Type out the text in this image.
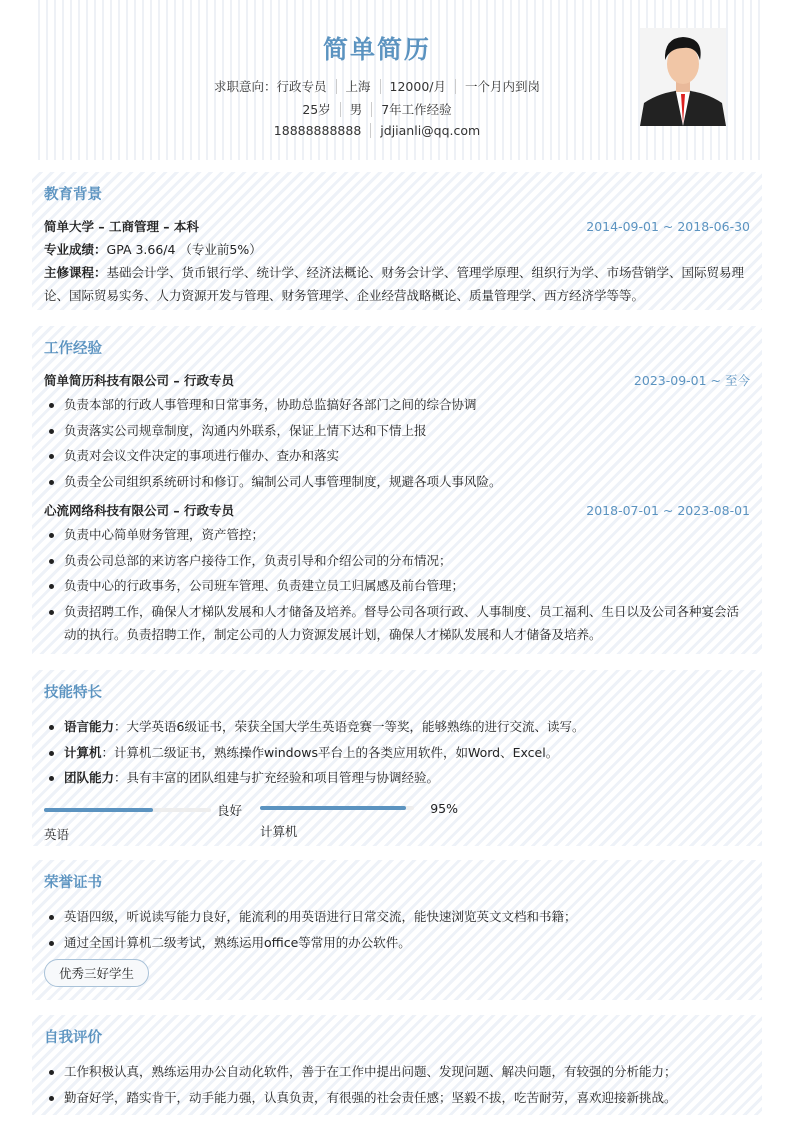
简单简历
求职意向：行政专员 上海 12000/月 一个月内到岗
25岁 男 7年工作经验
18888888888 jdjianli@qq.com
教育背景
简单大学 – 工商管理 – 本科	2014-09-01 ~ 2018-06-30

专业成绩：GPA 3.66/4 （专业前5%）

主修课程：基础会计学、货币银行学、统计学、经济法概论、财务会计学、管理学原理、组织行为学、市场营销学、国际贸易理论、国际贸易实务、人力资源开发与管理、财务管理学、企业经营战略概论、质量管理学、西方经济学等等。

工作经验
简单简历科技有限公司 – 行政专员	2023-09-01 ~ 至今
负责本部的行政人事管理和日常事务，协助总监搞好各部门之间的综合协调
负责落实公司规章制度，沟通内外联系，保证上情下达和下情上报
负责对会议文件决定的事项进行催办、查办和落实
负责全公司组织系统研讨和修订。编制公司人事管理制度，规避各项人事风险。
心流网络科技有限公司 – 行政专员	2018-07-01 ~ 2023-08-01
负责中心简单财务管理，资产管控；
负责公司总部的来访客户接待工作，负责引导和介绍公司的分布情况；
负责中心的行政事务，公司班车管理、负责建立员工归属感及前台管理；
负责招聘工作，确保人才梯队发展和人才储备及培养。督导公司各项行政、人事制度、员工福利、生日以及公司各种宴会活动的执行。负责招聘工作，制定公司的人力资源发展计划，确保人才梯队发展和人才储备及培养。
技能特长
语言能力：大学英语6级证书，荣获全国大学生英语竞赛一等奖，能够熟练的进行交流、读写。
计算机：计算机二级证书，熟练操作windows平台上的各类应用软件，如Word、Excel。
团队能力：具有丰富的团队组建与扩充经验和项目管理与协调经验。
良好
英语
95%
计算机
荣誉证书
英语四级，听说读写能力良好，能流利的用英语进行日常交流，能快速浏览英文文档和书籍；
通过全国计算机二级考试，熟练运用office等常用的办公软件。
优秀三好学生
自我评价
工作积极认真，熟练运用办公自动化软件，善于在工作中提出问题、发现问题、解决问题，有较强的分析能力；
勤奋好学，踏实肯干，动手能力强，认真负责，有很强的社会责任感；坚毅不拔，吃苦耐劳，喜欢迎接新挑战。
